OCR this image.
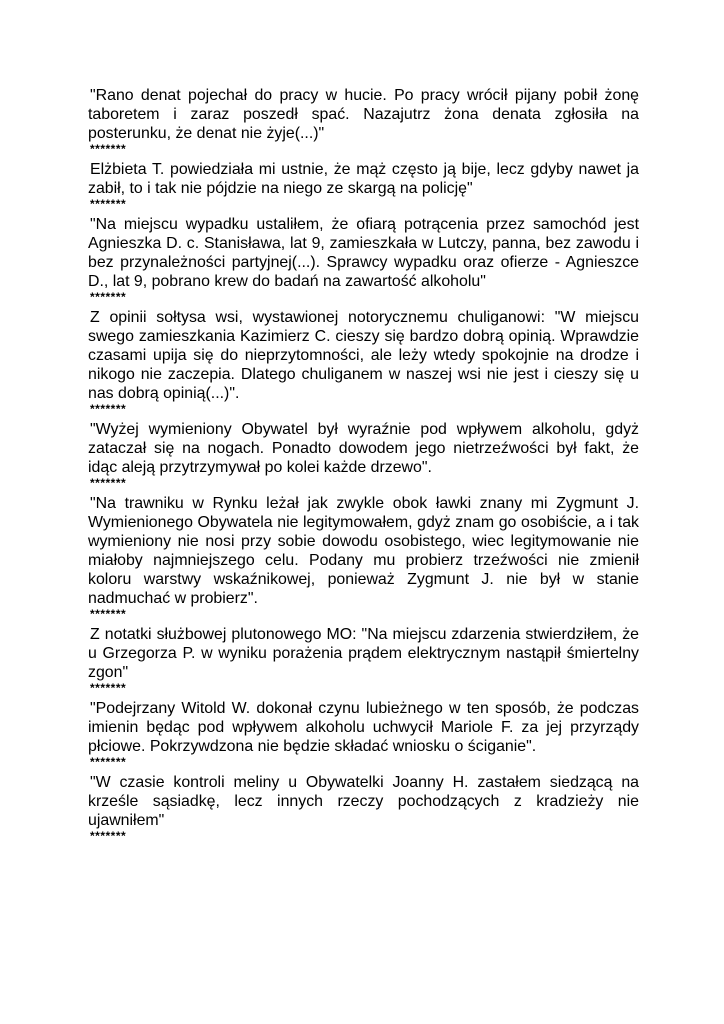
"Rano denat pojechał do pracy w hucie. Po pracy wrócił pijany pobił żonę taboretem i zaraz poszedł spać. Nazajutrz żona denata zgłosiła na posterunku, że denat nie żyje(...)"

*******

Elżbieta T. powiedziała mi ustnie, że mąż często ją bije, lecz gdyby nawet ja zabił, to i tak nie pójdzie na niego ze skargą na policję"

*******

"Na miejscu wypadku ustaliłem, że ofiarą potrącenia przez samochód jest Agnieszka D. c. Stanisława, lat 9, zamieszkała w Lutczy, panna, bez zawodu i bez przynależności partyjnej(...). Sprawcy wypadku oraz ofierze - Agnieszce D., lat 9, pobrano krew do badań na zawartość alkoholu"

*******

Z opinii sołtysa wsi, wystawionej notorycznemu chuliganowi: "W miejscu swego zamieszkania Kazimierz C. cieszy się bardzo dobrą opinią. Wprawdzie czasami upija się do nieprzytomności, ale leży wtedy spokojnie na drodze i nikogo nie zaczepia. Dlatego chuliganem w naszej wsi nie jest i cieszy się u nas dobrą opinią(...)".

*******

"Wyżej wymieniony Obywatel był wyraźnie pod wpływem alkoholu, gdyż zataczał się na nogach. Ponadto dowodem jego nietrzeźwości był fakt, że idąc aleją przytrzymywał po kolei każde drzewo".

*******

"Na trawniku w Rynku leżał jak zwykle obok ławki znany mi Zygmunt J. Wymienionego Obywatela nie legitymowałem, gdyż znam go osobiście, a i tak wymieniony nie nosi przy sobie dowodu osobistego, wiec legitymowanie nie miałoby najmniejszego celu. Podany mu probierz trzeźwości nie zmienił koloru warstwy wskaźnikowej, ponieważ Zygmunt J. nie był w stanie nadmuchać w probierz".

*******

Z notatki służbowej plutonowego MO: "Na miejscu zdarzenia stwierdziłem, że u Grzegorza P. w wyniku porażenia prądem elektrycznym nastąpił śmiertelny zgon"

*******

"Podejrzany Witold W. dokonał czynu lubieżnego w ten sposób, że podczas imienin będąc pod wpływem alkoholu uchwycił Mariole F. za jej przyrządy płciowe. Pokrzywdzona nie będzie składać wniosku o ściganie".

*******

"W czasie kontroli meliny u Obywatelki Joanny H. zastałem siedzącą na krześle sąsiadkę, lecz innych rzeczy pochodzących z kradzieży nie ujawniłem"

*******
